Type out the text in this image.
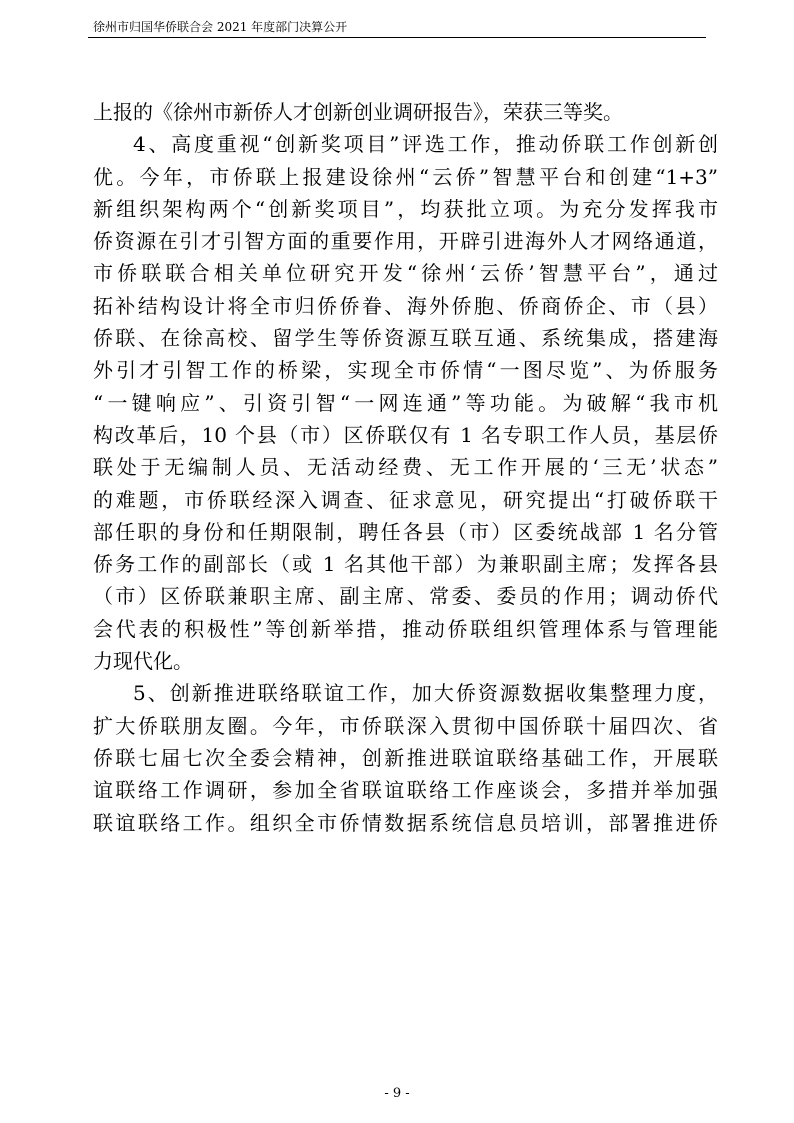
徐州市归国华侨联合会 2021 年度部门决算公开
上报的《徐州市新侨人才创新创业调研报告》，荣获三等奖。
4、高度重视“创新奖项目”评选工作，推动侨联工作创新创
优。今年，市侨联上报建设徐州“云侨”智慧平台和创建“1+3”
新组织架构两个“创新奖项目”，均获批立项。为充分发挥我市
侨资源在引才引智方面的重要作用，开辟引进海外人才网络通道，
市侨联联合相关单位研究开发“徐州‘云侨’智慧平台”，通过
拓补结构设计将全市归侨侨眷、海外侨胞、侨商侨企、市（县）
侨联、在徐高校、留学生等侨资源互联互通、系统集成，搭建海
外引才引智工作的桥梁，实现全市侨情“一图尽览”、为侨服务
“一键响应”、引资引智“一网连通”等功能。为破解“我市机
构改革后，10 个县（市）区侨联仅有 1 名专职工作人员，基层侨
联处于无编制人员、无活动经费、无工作开展的‘三无’状态”
的难题，市侨联经深入调查、征求意见，研究提出“打破侨联干
部任职的身份和任期限制，聘任各县（市）区委统战部 1 名分管
侨务工作的副部长（或 1 名其他干部）为兼职副主席；发挥各县
（市）区侨联兼职主席、副主席、常委、委员的作用；调动侨代
会代表的积极性”等创新举措，推动侨联组织管理体系与管理能
力现代化。
5、创新推进联络联谊工作，加大侨资源数据收集整理力度，
扩大侨联朋友圈。今年，市侨联深入贯彻中国侨联十届四次、省
侨联七届七次全委会精神，创新推进联谊联络基础工作，开展联
谊联络工作调研，参加全省联谊联络工作座谈会，多措并举加强
联谊联络工作。组织全市侨情数据系统信息员培训，部署推进侨
- 9 -
